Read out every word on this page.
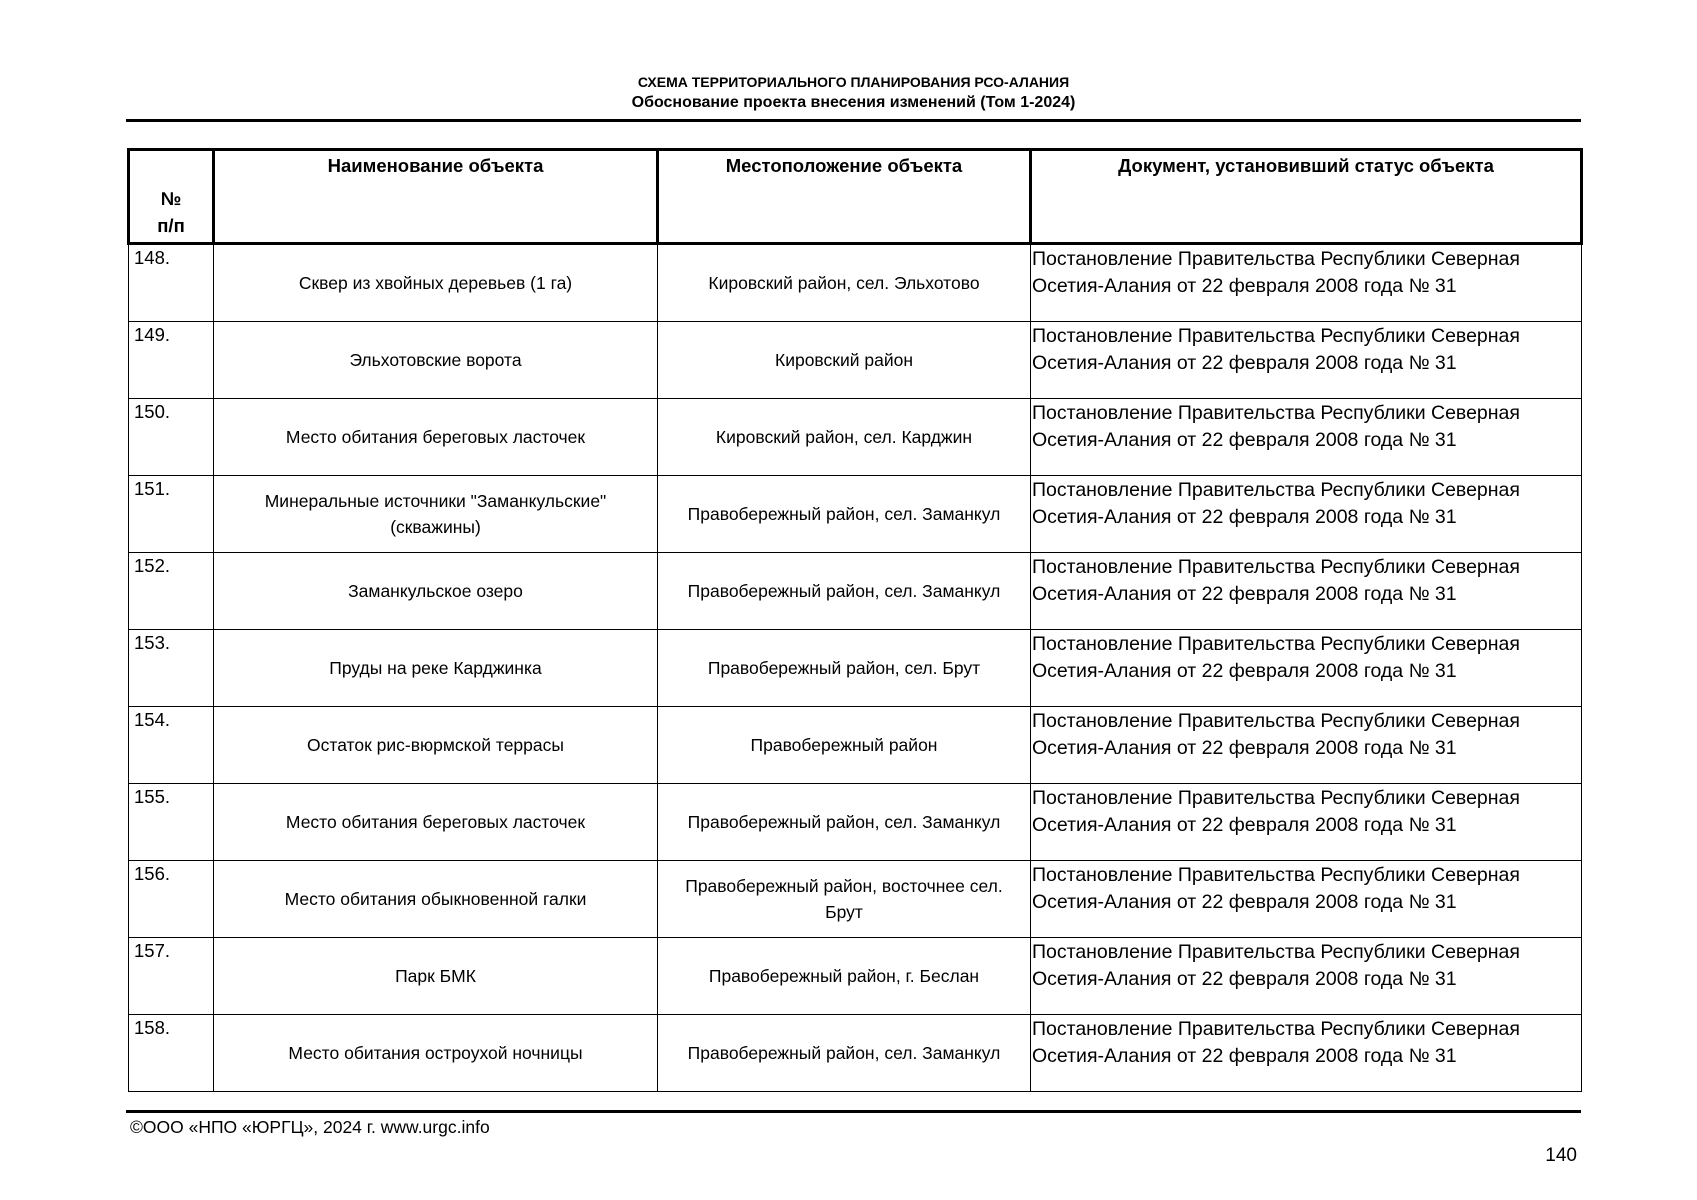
СХЕМА ТЕРРИТОРИАЛЬНОГО ПЛАНИРОВАНИЯ РСО-АЛАНИЯ
Обоснование проекта внесения изменений (Том 1-2024)
№
п/п	Наименование объекта	Местоположение объекта	Документ, установивший статус объекта
148.	Сквер из хвойных деревьев (1 га)	Кировский район, сел. Эльхотово	Постановление Правительства Республики Северная Осетия-Алания от 22 февраля 2008 года № 31
149.	Эльхотовские ворота	Кировский район	Постановление Правительства Республики Северная Осетия-Алания от 22 февраля 2008 года № 31
150.	Место обитания береговых ласточек	Кировский район, сел. Карджин	Постановление Правительства Республики Северная Осетия-Алания от 22 февраля 2008 года № 31
151.	Минеральные источники "Заманкульские" (скважины)	Правобережный район, сел. Заманкул	Постановление Правительства Республики Северная Осетия-Алания от 22 февраля 2008 года № 31
152.	Заманкульское озеро	Правобережный район, сел. Заманкул	Постановление Правительства Республики Северная Осетия-Алания от 22 февраля 2008 года № 31
153.	Пруды на реке Карджинка	Правобережный район, сел. Брут	Постановление Правительства Республики Северная Осетия-Алания от 22 февраля 2008 года № 31
154.	Остаток рис-вюрмской террасы	Правобережный район	Постановление Правительства Республики Северная Осетия-Алания от 22 февраля 2008 года № 31
155.	Место обитания береговых ласточек	Правобережный район, сел. Заманкул	Постановление Правительства Республики Северная Осетия-Алания от 22 февраля 2008 года № 31
156.	Место обитания обыкновенной галки	Правобережный район, восточнее сел. Брут	Постановление Правительства Республики Северная Осетия-Алания от 22 февраля 2008 года № 31
157.	Парк БМК	Правобережный район, г. Беслан	Постановление Правительства Республики Северная Осетия-Алания от 22 февраля 2008 года № 31
158.	Место обитания остроухой ночницы	Правобережный район, сел. Заманкул	Постановление Правительства Республики Северная Осетия-Алания от 22 февраля 2008 года № 31
©ООО «НПО «ЮРГЦ», 2024 г. www.urgc.info
140
